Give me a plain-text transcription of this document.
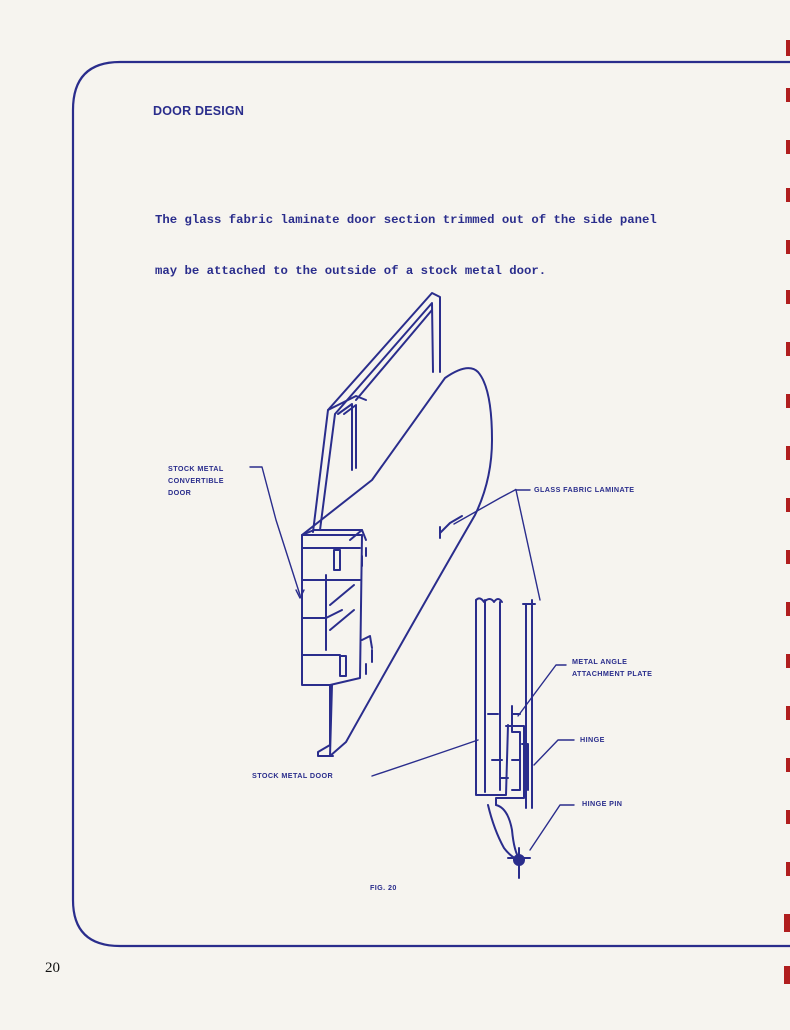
DOOR DESIGN

The glass fabric laminate door section trimmed out of the side panel

may be attached to the outside of a stock metal door.

STOCK METAL
CONVERTIBLE
DOOR	GLASS FABRIC LAMINATE
METAL ANGLE
ATTACHMENT PLATE
HINGE
HINGE PIN
STOCK METAL DOOR
FIG. 20
20
